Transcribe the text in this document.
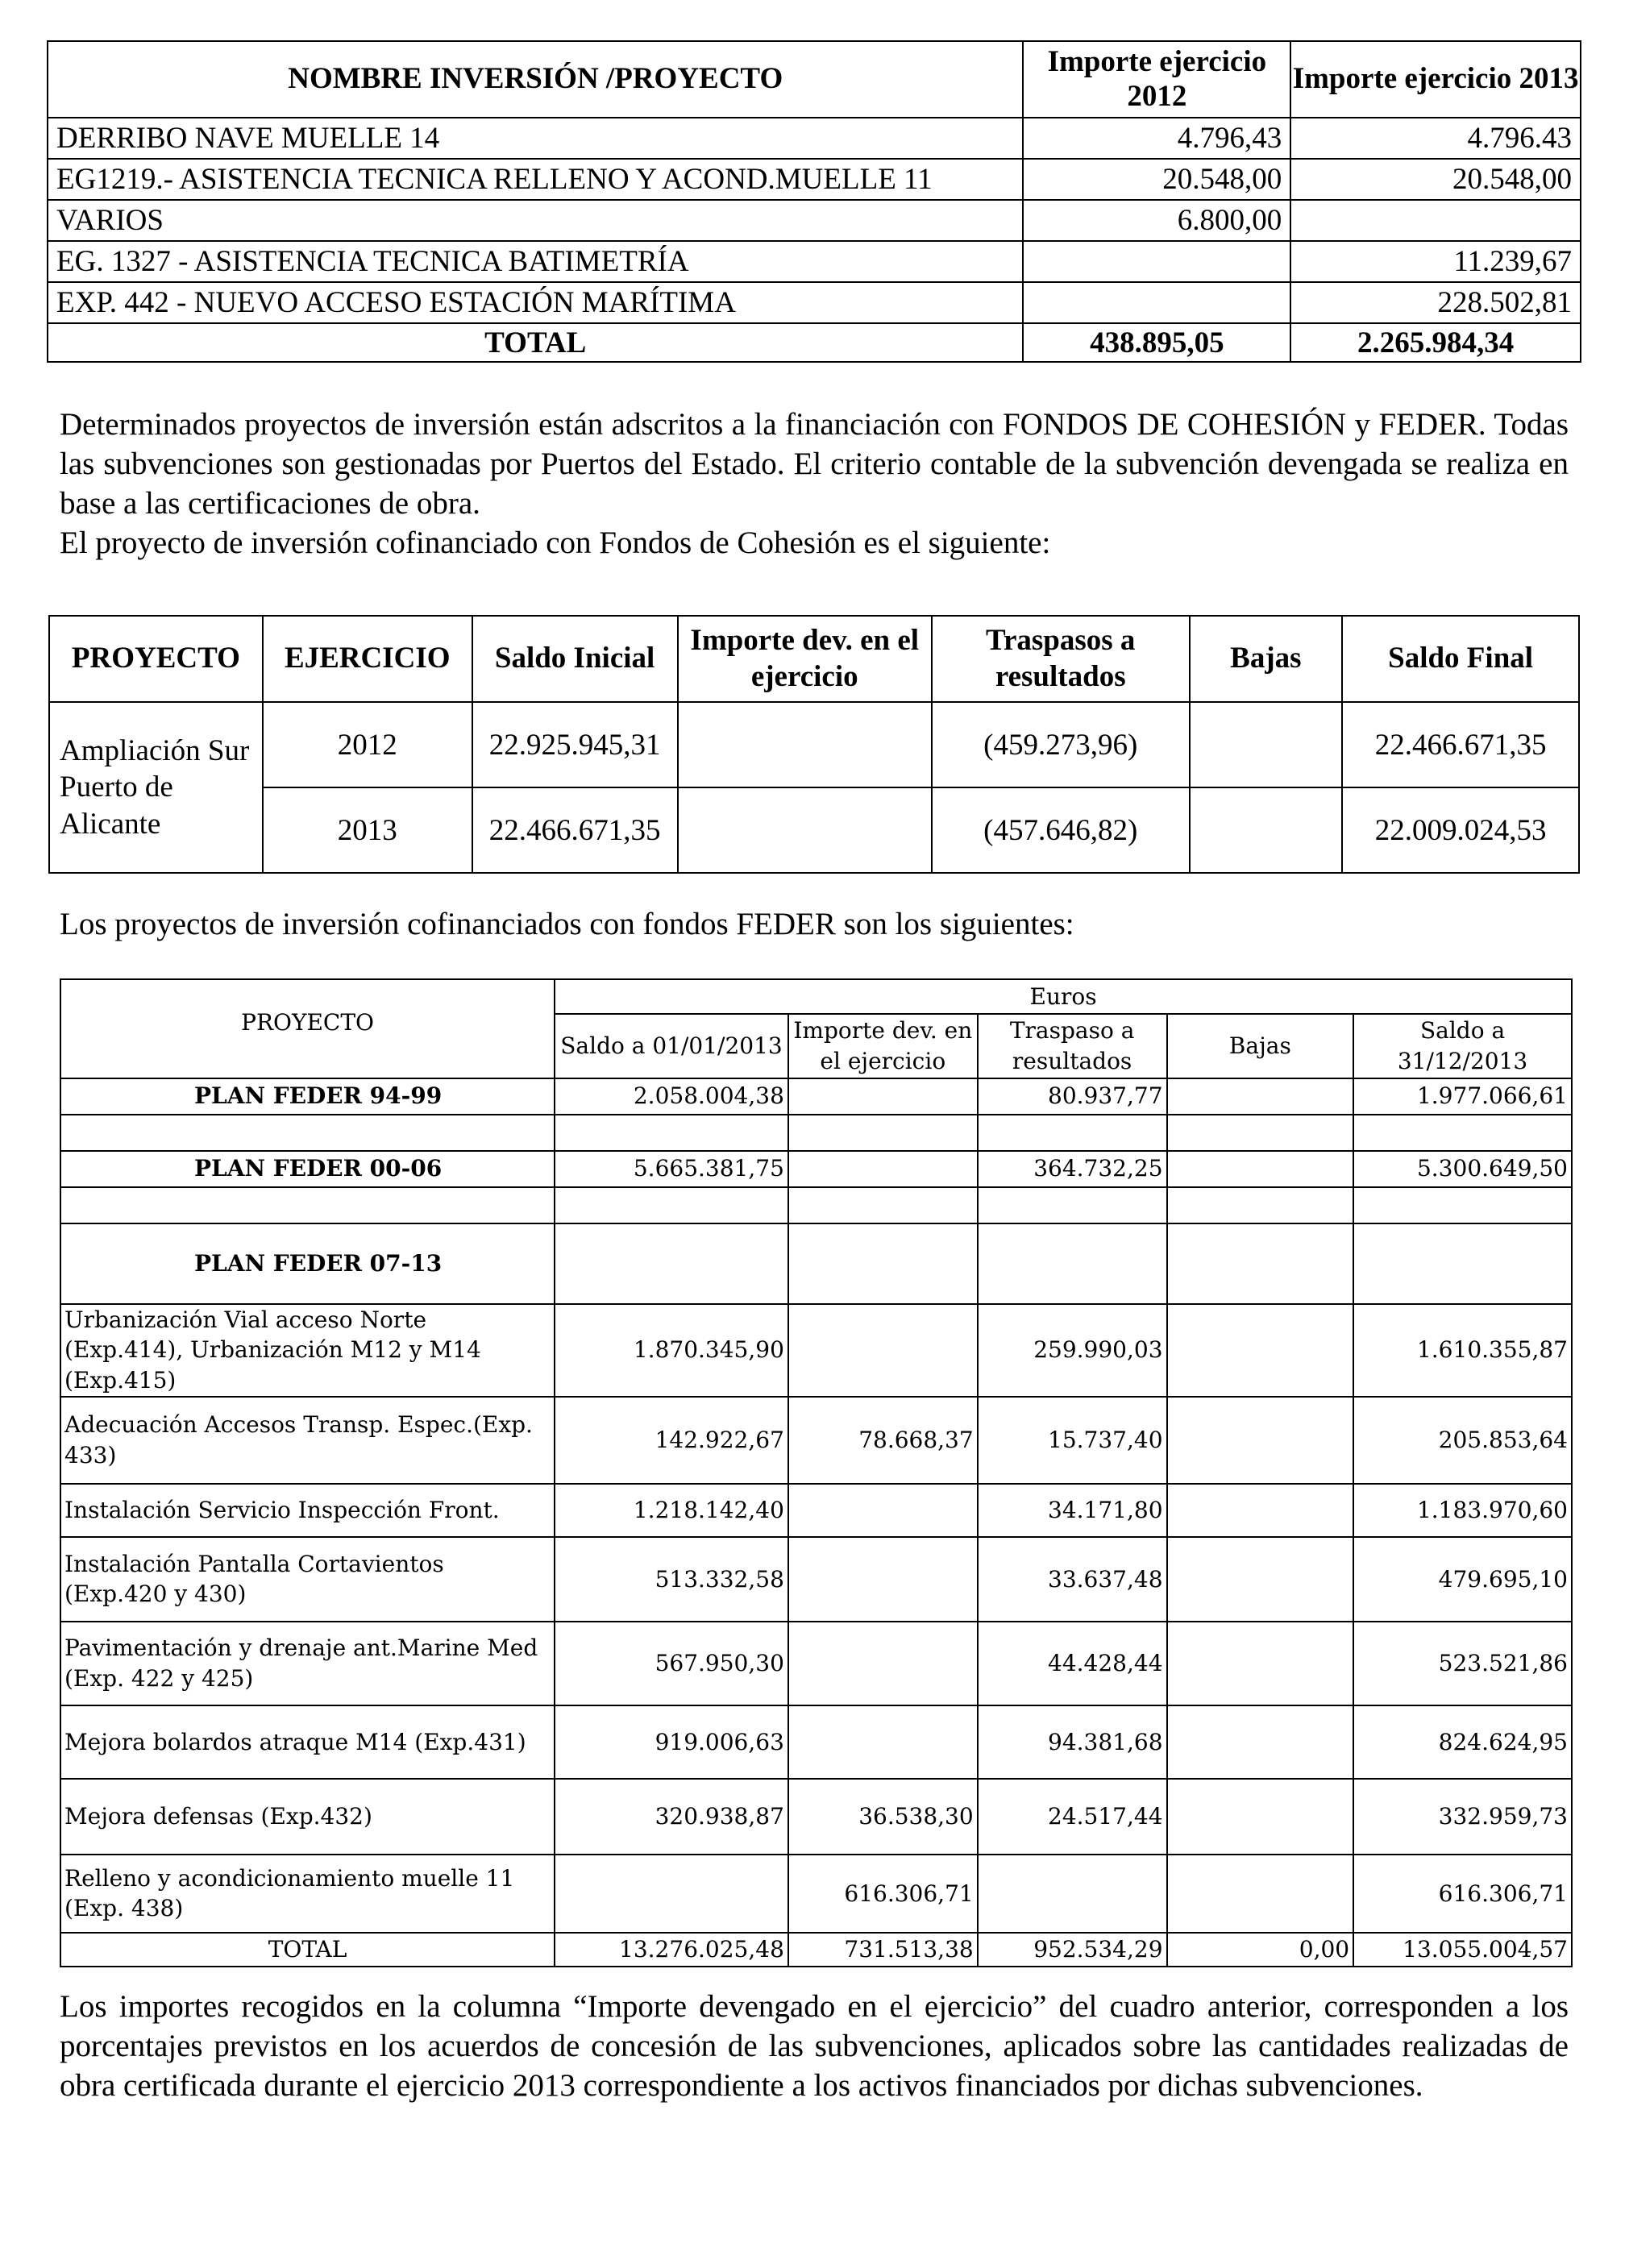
NOMBRE INVERSIÓN /PROYECTO	Importe ejercicio 2012	Importe ejercicio 2013
DERRIBO NAVE MUELLE 14	4.796,43	4.796.43
EG1219.- ASISTENCIA TECNICA RELLENO Y ACOND.MUELLE 11	20.548,00	20.548,00
VARIOS	6.800,00	
EG. 1327 - ASISTENCIA TECNICA BATIMETRÍA		11.239,67
EXP. 442 - NUEVO ACCESO ESTACIÓN MARÍTIMA		228.502,81
TOTAL	438.895,05	2.265.984,34

Determinados proyectos de inversión están adscritos a la financiación con FONDOS DE COHESIÓN y FEDER. Todas las subvenciones son gestionadas por Puertos del Estado. El criterio contable de la subvención devengada se realiza en base a las certificaciones de obra.

El proyecto de inversión cofinanciado con Fondos de Cohesión es el siguiente:

PROYECTO	EJERCICIO	Saldo Inicial	Importe dev. en el ejercicio	Traspasos a resultados	Bajas	Saldo Final
Ampliación Sur Puerto de Alicante	2012	22.925.945,31		(459.273,96)		22.466.671,35
	2013	22.466.671,35		(457.646,82)		22.009.024,53

Los proyectos de inversión cofinanciados con fondos FEDER son los siguientes:

PROYECTO	Euros				
	Saldo a 01/01/2013	Importe dev. en el ejercicio	Traspaso a resultados	Bajas	Saldo a 31/12/2013
PLAN FEDER 94-99	2.058.004,38		80.937,77		1.977.066,61

PLAN FEDER 00-06	5.665.381,75		364.732,25		5.300.649,50

PLAN FEDER 07-13					
Urbanización Vial acceso Norte (Exp.414), Urbanización M12 y M14 (Exp.415)	1.870.345,90		259.990,03		1.610.355,87
Adecuación Accesos Transp. Espec.(Exp. 433)	142.922,67	78.668,37	15.737,40		205.853,64
Instalación Servicio Inspección Front.	1.218.142,40		34.171,80		1.183.970,60
Instalación Pantalla Cortavientos (Exp.420 y 430)	513.332,58		33.637,48		479.695,10
Pavimentación y drenaje ant.Marine Med (Exp. 422 y 425)	567.950,30		44.428,44		523.521,86
Mejora bolardos atraque M14 (Exp.431)	919.006,63		94.381,68		824.624,95
Mejora defensas (Exp.432)	320.938,87	36.538,30	24.517,44		332.959,73
Relleno y acondicionamiento muelle 11 (Exp. 438)		616.306,71			616.306,71
TOTAL	13.276.025,48	731.513,38	952.534,29	0,00	13.055.004,57

Los importes recogidos en la columna “Importe devengado en el ejercicio” del cuadro anterior, corresponden a los porcentajes previstos en los acuerdos de concesión de las subvenciones, aplicados sobre las cantidades realizadas de obra certificada durante el ejercicio 2013 correspondiente a los activos financiados por dichas subvenciones.
